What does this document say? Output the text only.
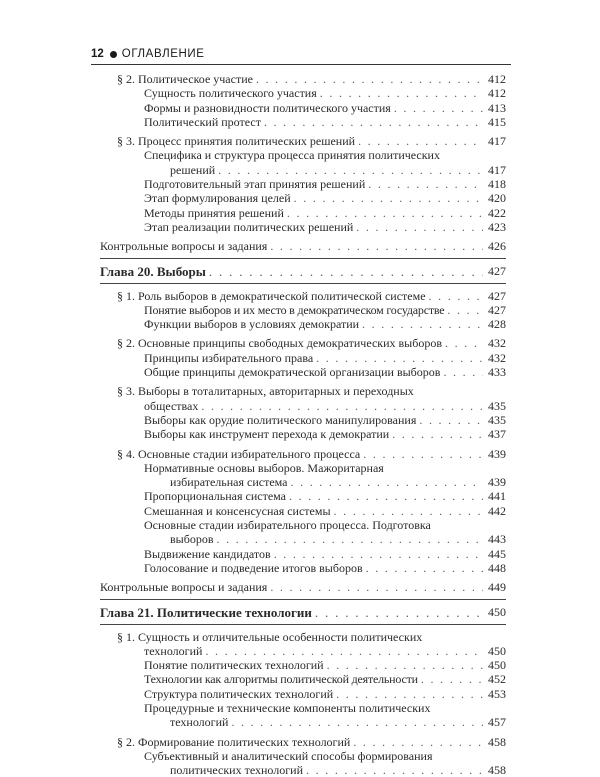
12 ОГЛАВЛЕНИЕ
§ 2. Политическое участие . . .	412
Сущность политического участия . . .	412
Формы и разновидности политического участия . . .	413
Политический протест . . .	415
§ 3. Процесс принятия политических решений . . .	417
Специфика и структура процесса принятия политических
решений . . .	417
Подготовительный этап принятия решений . . .	418
Этап формулирования целей . . .	420
Методы принятия решений . . .	422
Этап реализации политических решений . . .	423
Контрольные вопросы и задания . . .	426
Глава 20. Выборы . . .	427
§ 1. Роль выборов в демократической политической системе . . .	427
Понятие выборов и их место в демократическом государстве . . .	427
Функции выборов в условиях демократии . . .	428
§ 2. Основные принципы свободных демократических выборов . . .	432
Принципы избирательного права . . .	432
Общие принципы демократической организации выборов . . .	433
§ 3. Выборы в тоталитарных, авторитарных и переходных
обществах . . .	435
Выборы как орудие политического манипулирования . . .	435
Выборы как инструмент перехода к демократии . . .	437
§ 4. Основные стадии избирательного процесса . . .	439
Нормативные основы выборов. Мажоритарная
избирательная система . . .	439
Пропорциональная система . . .	441
Смешанная и консенсусная системы . . .	442
Основные стадии избирательного процесса. Подготовка
выборов . . .	443
Выдвижение кандидатов . . .	445
Голосование и подведение итогов выборов . . .	448
Контрольные вопросы и задания . . .	449
Глава 21. Политические технологии . . .	450
§ 1. Сущность и отличительные особенности политических
технологий . . .	450
Понятие политических технологий . . .	450
Технологии как алгоритмы политической деятельности . . .	452
Структура политических технологий . . .	453
Процедурные и технические компоненты политических
технологий . . .	457
§ 2. Формирование политических технологий . . .	458
Субъективный и аналитический способы формирования
политических технологий . . .	458
